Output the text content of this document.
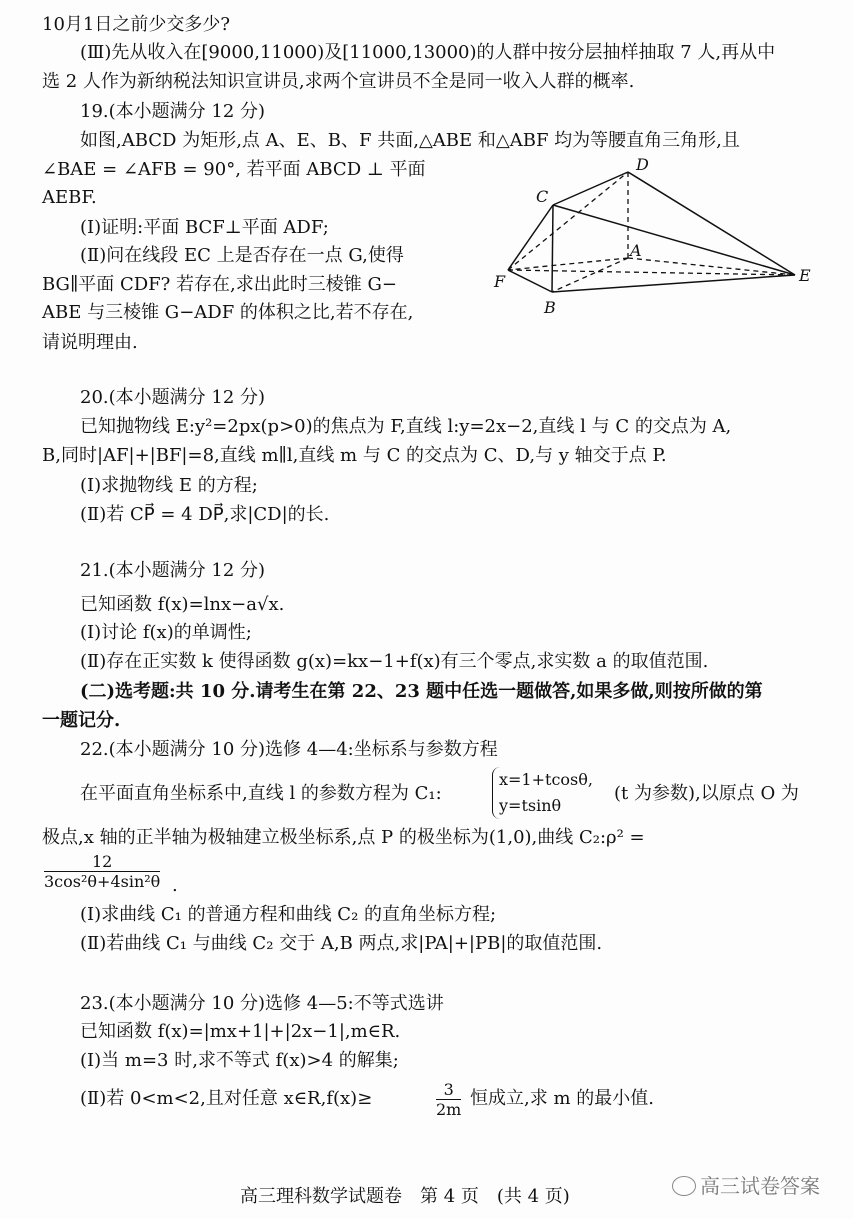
10月1日之前少交多少?
(Ⅲ)先从收入在[9000,11000)及[11000,13000)的人群中按分层抽样抽取 7 人,再从中
选 2 人作为新纳税法知识宣讲员,求两个宣讲员不全是同一收入人群的概率.
19.(本小题满分 12 分)
如图,ABCD 为矩形,点 A、E、B、F 共面,△ABE 和△ABF 均为等腰直角三角形,且
∠BAE = ∠AFB = 90°, 若平面 ABCD ⊥ 平面
AEBF.
(Ⅰ)证明:平面 BCF⊥平面 ADF;
(Ⅱ)问在线段 EC 上是否存在一点 G,使得
BG∥平面 CDF? 若存在,求出此时三棱锥 G−
ABE 与三棱锥 G−ADF 的体积之比,若不存在,
请说明理由.
D
C
A
F
B
E
20.(本小题满分 12 分)
已知抛物线 E:y²=2px(p>0)的焦点为 F,直线 l:y=2x−2,直线 l 与 C 的交点为 A,
B,同时|AF|+|BF|=8,直线 m∥l,直线 m 与 C 的交点为 C、D,与 y 轴交于点 P.
(Ⅰ)求抛物线 E 的方程;
(Ⅱ)若 CP⃗ = 4 DP⃗,求|CD|的长.
21.(本小题满分 12 分)
已知函数 f(x)=lnx−a√x.
(Ⅰ)讨论 f(x)的单调性;
(Ⅱ)存在正实数 k 使得函数 g(x)=kx−1+f(x)有三个零点,求实数 a 的取值范围.
(二)选考题:共 10 分.请考生在第 22、23 题中任选一题做答,如果多做,则按所做的第
一题记分.
22.(本小题满分 10 分)选修 4—4:坐标系与参数方程
在平面直角坐标系中,直线 l 的参数方程为 C₁:
x=1+tcosθ,
y=tsinθ
(t 为参数),以原点 O 为
极点,x 轴的正半轴为极轴建立极坐标系,点 P 的极坐标为(1,0),曲线 C₂:ρ² =
$\frac{12}{\text{3cos²θ+4sin²θ}}$ .
(Ⅰ)求曲线 C₁ 的普通方程和曲线 C₂ 的直角坐标方程;
(Ⅱ)若曲线 C₁ 与曲线 C₂ 交于 A,B 两点,求|PA|+|PB|的取值范围.
23.(本小题满分 10 分)选修 4—5:不等式选讲
已知函数 f(x)=|mx+1|+|2x−1|,m∈R.
(Ⅰ)当 m=3 时,求不等式 f(x)>4 的解集;
(Ⅱ)若 0<m<2,且对任意 x∈R,f(x)≥	$\frac{3}{2m}$ 恒成立,求 m 的最小值.
高三理科数学试题卷　第 4 页　(共 4 页)	高三试卷答案
